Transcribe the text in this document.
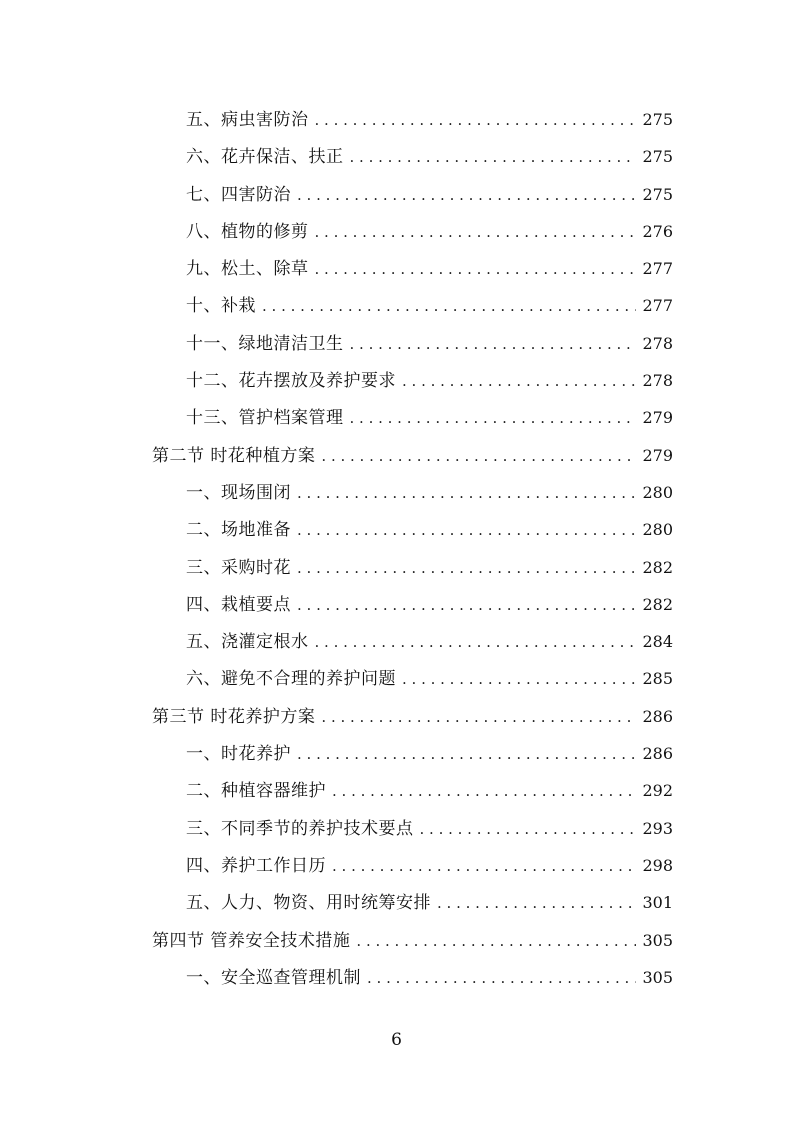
五、病虫害防治 . . .	275
六、花卉保洁、扶正 . . .	275
七、四害防治 . . .	275
八、植物的修剪 . . .	276
九、松土、除草 . . .	277
十、补栽 . . .	277
十一、绿地清洁卫生 . . .	278
十二、花卉摆放及养护要求 . . .	278
十三、管护档案管理 . . .	279
第二节 时花种植方案 . . .	279
一、现场围闭 . . .	280
二、场地准备 . . .	280
三、采购时花 . . .	282
四、栽植要点 . . .	282
五、浇灌定根水 . . .	284
六、避免不合理的养护问题 . . .	285
第三节 时花养护方案 . . .	286
一、时花养护 . . .	286
二、种植容器维护 . . .	292
三、不同季节的养护技术要点 . . .	293
四、养护工作日历 . . .	298
五、人力、物资、用时统筹安排 . . .	301
第四节 管养安全技术措施 . . .	305
一、安全巡查管理机制 . . .	305
6
